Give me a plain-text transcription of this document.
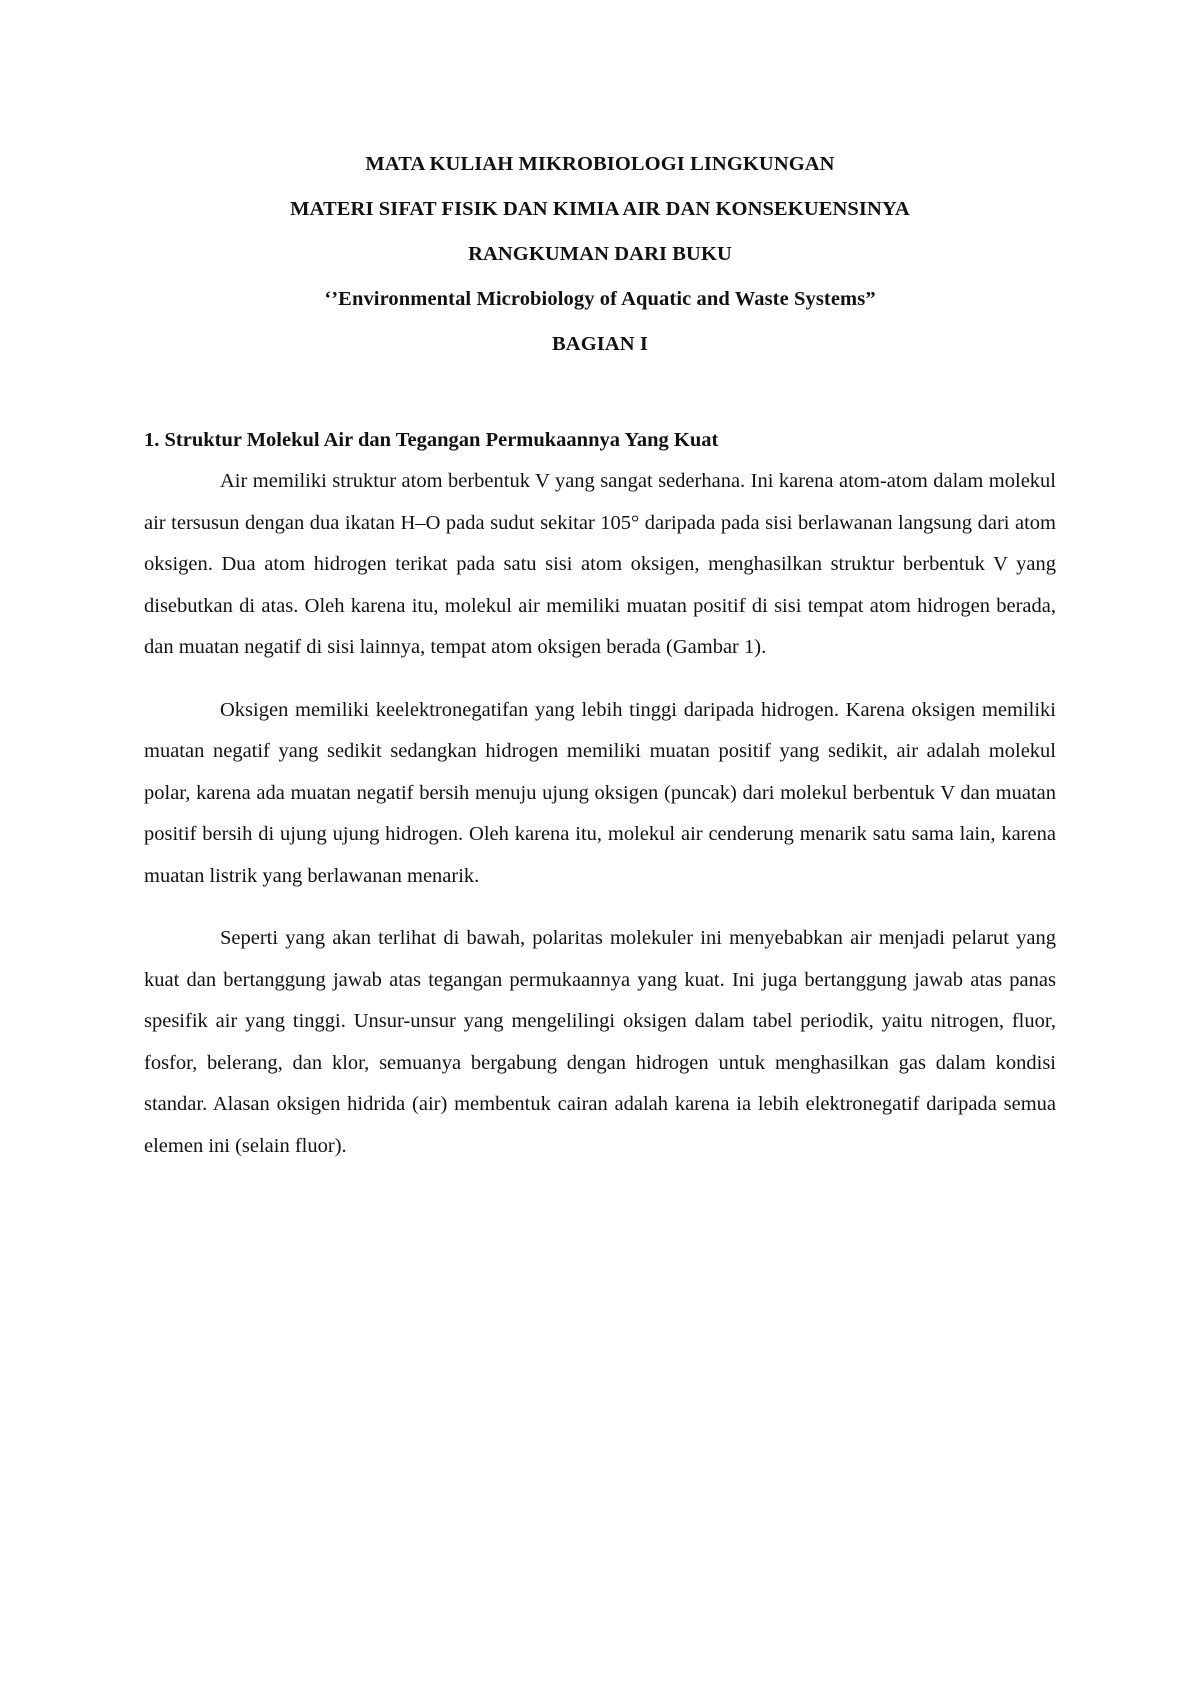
MATA KULIAH MIKROBIOLOGI LINGKUNGAN
MATERI SIFAT FISIK DAN KIMIA AIR DAN KONSEKUENSINYA
RANGKUMAN DARI BUKU
‘’Environmental Microbiology of Aquatic and Waste Systems”
BAGIAN I
1. Struktur Molekul Air dan Tegangan Permukaannya Yang Kuat

Air memiliki struktur atom berbentuk V yang sangat sederhana. Ini karena atom-atom dalam molekul air tersusun dengan dua ikatan H–O pada sudut sekitar 105° daripada pada sisi berlawanan langsung dari atom oksigen. Dua atom hidrogen terikat pada satu sisi atom oksigen, menghasilkan struktur berbentuk V yang disebutkan di atas. Oleh karena itu, molekul air memiliki muatan positif di sisi tempat atom hidrogen berada, dan muatan negatif di sisi lainnya, tempat atom oksigen berada (Gambar 1).

Oksigen memiliki keelektronegatifan yang lebih tinggi daripada hidrogen. Karena oksigen memiliki muatan negatif yang sedikit sedangkan hidrogen memiliki muatan positif yang sedikit, air adalah molekul polar, karena ada muatan negatif bersih menuju ujung oksigen (puncak) dari molekul berbentuk V dan muatan positif bersih di ujung ujung hidrogen. Oleh karena itu, molekul air cenderung menarik satu sama lain, karena muatan listrik yang berlawanan menarik.

Seperti yang akan terlihat di bawah, polaritas molekuler ini menyebabkan air menjadi pelarut yang kuat dan bertanggung jawab atas tegangan permukaannya yang kuat. Ini juga bertanggung jawab atas panas spesifik air yang tinggi. Unsur-unsur yang mengelilingi oksigen dalam tabel periodik, yaitu nitrogen, fluor, fosfor, belerang, dan klor, semuanya bergabung dengan hidrogen untuk menghasilkan gas dalam kondisi standar. Alasan oksigen hidrida (air) membentuk cairan adalah karena ia lebih elektronegatif daripada semua elemen ini (selain fluor).
